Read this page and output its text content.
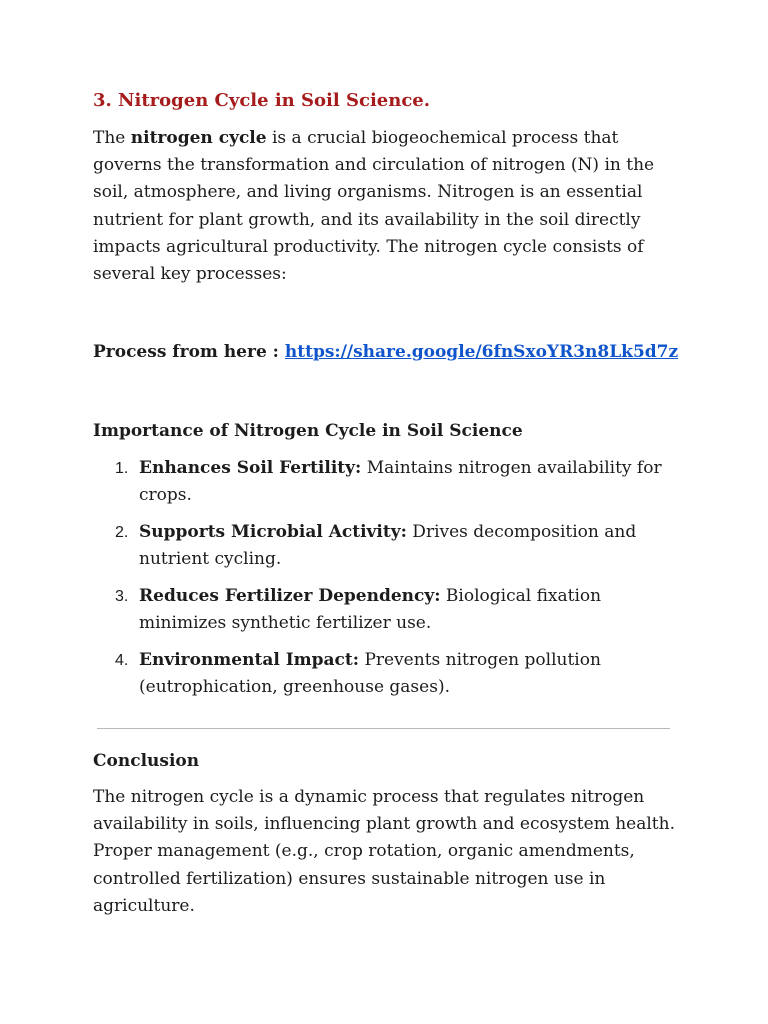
3. Nitrogen Cycle in Soil Science.

The nitrogen cycle is a crucial biogeochemical process that governs the transformation and circulation of nitrogen (N) in the soil, atmosphere, and living organisms. Nitrogen is an essential nutrient for plant growth, and its availability in the soil directly impacts agricultural productivity. The nitrogen cycle consists of several key processes:

Process from here : https://share.google/6fnSxoYR3n8Lk5d7z

Importance of Nitrogen Cycle in Soil Science
1. Enhances Soil Fertility: Maintains nitrogen availability for crops.
2. Supports Microbial Activity: Drives decomposition and nutrient cycling.
3. Reduces Fertilizer Dependency: Biological fixation minimizes synthetic fertilizer use.
4. Environmental Impact: Prevents nitrogen pollution (eutrophication, greenhouse gases).
Conclusion

The nitrogen cycle is a dynamic process that regulates nitrogen availability in soils, influencing plant growth and ecosystem health. Proper management (e.g., crop rotation, organic amendments, controlled fertilization) ensures sustainable nitrogen use in agriculture.
